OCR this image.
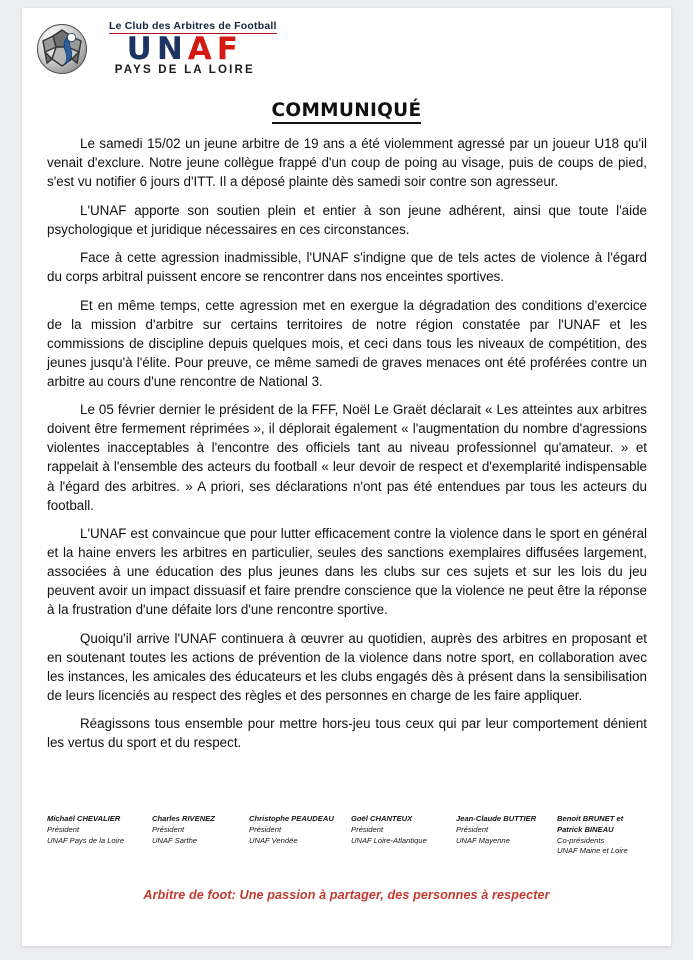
Le Club des Arbitres de Football
UNAF
PAYS DE LA LOIRE
COMMUNIQUÉ

Le samedi 15/02 un jeune arbitre de 19 ans a été violemment agressé par un joueur U18 qu'il venait d'exclure. Notre jeune collègue frappé d'un coup de poing au visage, puis de coups de pied, s'est vu notifier 6 jours d'ITT. Il a déposé plainte dès samedi soir contre son agresseur.

L'UNAF apporte son soutien plein et entier à son jeune adhérent, ainsi que toute l'aide psychologique et juridique nécessaires en ces circonstances.

Face à cette agression inadmissible, l'UNAF s'indigne que de tels actes de violence à l'égard du corps arbitral puissent encore se rencontrer dans nos enceintes sportives.

Et en même temps, cette agression met en exergue la dégradation des conditions d'exercice de la mission d'arbitre sur certains territoires de notre région constatée par l'UNAF et les commissions de discipline depuis quelques mois, et ceci dans tous les niveaux de compétition, des jeunes jusqu'à l'élite. Pour preuve, ce même samedi de graves menaces ont été proférées contre un arbitre au cours d'une rencontre de National 3.

Le 05 février dernier le président de la FFF, Noël Le Graët déclarait « Les atteintes aux arbitres doivent être fermement réprimées », il déplorait également « l'augmentation du nombre d'agressions violentes inacceptables à l'encontre des officiels tant au niveau professionnel qu'amateur. » et rappelait à l'ensemble des acteurs du football « leur devoir de respect et d'exemplarité indispensable à l'égard des arbitres. » A priori, ses déclarations n'ont pas été entendues par tous les acteurs du football.

L'UNAF est convaincue que pour lutter efficacement contre la violence dans le sport en général et la haine envers les arbitres en particulier, seules des sanctions exemplaires diffusées largement, associées à une éducation des plus jeunes dans les clubs sur ces sujets et sur les lois du jeu peuvent avoir un impact dissuasif et faire prendre conscience que la violence ne peut être la réponse à la frustration d'une défaite lors d'une rencontre sportive.

Quoiqu'il arrive l'UNAF continuera à œuvrer au quotidien, auprès des arbitres en proposant et en soutenant toutes les actions de prévention de la violence dans notre sport, en collaboration avec les instances, les amicales des éducateurs et les clubs engagés dès à présent dans la sensibilisation de leurs licenciés au respect des règles et des personnes en charge de les faire appliquer.

Réagissons tous ensemble pour mettre hors-jeu tous ceux qui par leur comportement dénient les vertus du sport et du respect.

Michaël CHEVALIER
Président
UNAF Pays de la Loire
Charles RIVENEZ
Président
UNAF Sarthe
Christophe PEAUDEAU
Président
UNAF Vendée
Goël CHANTEUX
Président
UNAF Loire-Atlantique
Jean-Claude BUTTIER
Président
UNAF Mayenne
Benoit BRUNET et
Patrick BINEAU
Co-présidents
UNAF Maine et Loire
Arbitre de foot: Une passion à partager, des personnes à respecter
